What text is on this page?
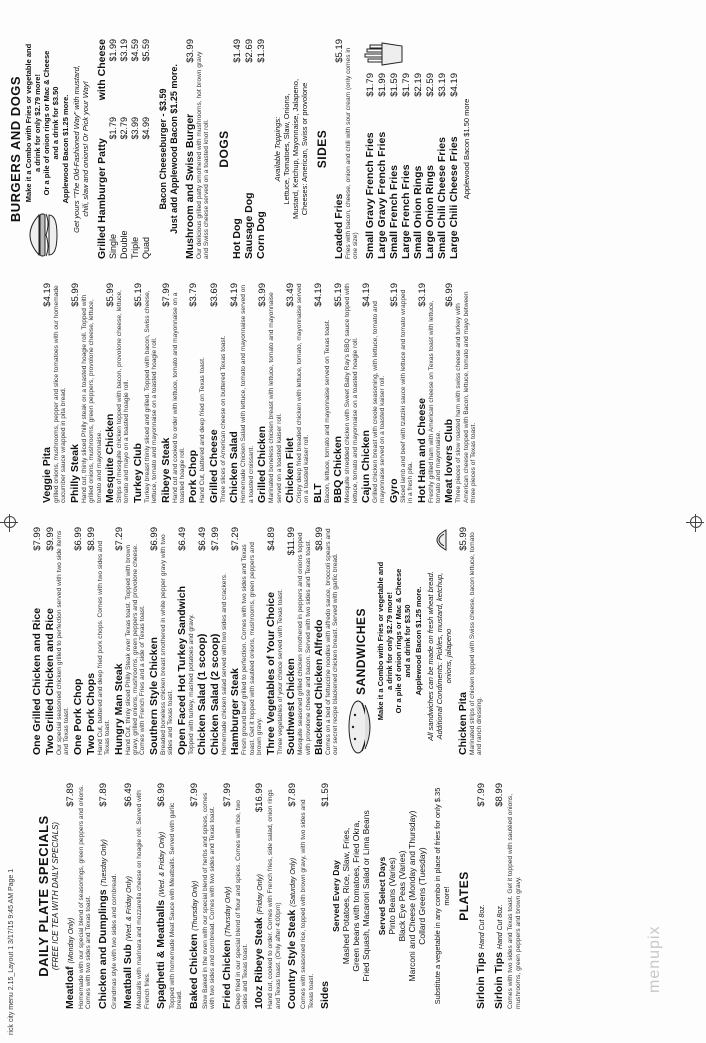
rick city menu 2.15_Layout 1 3/17/15 9:45 AM Page 1	menupix
DAILY PLATE SPECIALS (FREE ICE TEA WITH DAILY SPECIALS)
Meatloaf (Monday Only)
$7.89 Homemade with our special blend of seasonings, green peppers and onions. Comes with two sides and Texas toast. Chicken and Dumplings (Tuesday Only)
$7.89
Grandmas style with two sides and cornbread. Meatball Sub (Wed. & Friday Only)
$6.49 Meatballs with marinara and mozzarella cheese on hoagie roll. Served with French fries. Spaghetti & Meatballs (Wed. & Friday Only)
$6.99
Topped with homemade Meat Sauce with Meatballs. Served with garlic bread. Baked Chicken (Thursday Only)
$7.99 Slow Baked in the oven with our special blend of herbs and spices, comes with two sides and cornbread. Comes with two sides and Texas toast. Fried Chicken (Thursday Only)
$7.99
Deep fried in our special blend of flour and spices. Comes with rice, two sides and Texas toast. 10oz Ribeye Steak (Friday Only)
$16.99 Hand cut, cooked to order. Comes with French fries, side salad, onion rings and Texas toast. (Only after 4:00pm) Country Style Steak (Saturday Only)
$7.89
Comes with seasoned rice, topped with brown gravy, with two sides and Texas toast. Sides
$1.59
Served Every Day Mashed Potatoes, Rice, Slaw, Fries, Green beans with tomatoes, Fried Okra, Fried Squash, Macaroni Salad or Lima Beans Served Select Days Pinto Beans (Varies) Black Eye Peas (Varies) Marconi and Cheese (Monday and Thursday) Collard Greens (Tuesday) Substitute a vegetable in any combo in place of fries for only $.35 more! PLATES
Sirloin Tips Hand Cut 8oz.
$7.99
Sirloin Tips Hand Cut 8oz.
$8.99 Comes with two sides and Texas toast. Get it topped with sautéed onions, mushrooms, green peppers and brown gravy.
One Grilled Chicken and Rice
$7.99
Two Grilled Chicken and Rice
$9.99 Our special seasoned chicken grilled to perfection served with two side items and Texas toast. One Pork Chop
$6.99
Two Pork Chops
$8.99
Hand Cut, battered and deep fried pork chops. Comes with two sides and Texas toast. Hungry Man Steak
$7.29
Hand Cut, thinly sliced Philly Steak over Texas toast. Topped with brown gravy, grilled onions, mushrooms, green peppers and provolone cheese. Comes with French Fries and a side of Texas toast. Southern Style Chicken
$6.99 Breaded boneless chicken breast smothered in white pepper gravy with two sides and Texas toast. Open Faced Hot Turkey Sandwich
$6.49
Topped with turkey, mashed potatoes and gravy. Chicken Salad (1 scoop)
$6.49
Chicken Salad (2 scoop)
$7.99
Homemade chicken salad served with two sides and crackers. Hamburger Steak
$7.29
Fresh ground beef grilled to perfection. Comes with two sides and Texas toast. Get it topped with sautéed onions, mushrooms, green peppers and brown gravy. Three Vegetables of Your Choice
$4.89
Three vegetables of your choice served with Texas toast. Southwest Chicken
$11.99 Mesquite seasoned grilled chicken smothered in peppers and onions topped with provolone cheese and bacon. Served with two sides and Texas toast. Blackened Chicken Alfredo
$8.99 Comes on a bed of fettuccine noodles with alfredo sauce, broccoli spears and our secret recipe blackened chicken breast. Served with garlic bread. SANDWICHES Make it a Combo with Fries or vegetable and a drink for only $2.79 more! Or a pile of onion rings or Mac & Cheese and a drink for $3.50 Applewood Bacon $1.25 more. All sandwiches can be made on fresh wheat bread. Additional Condiments: Pickles, mustard, ketchup, onions, jalapeno
Chicken Pita
$5.99 Marinated strips of chicken topped with Swiss cheese, bacon lettuce, tomato and ranch dressing.
Veggie Pita
$4.19 grilled onions, mushrooms, pepper and slice tomatoes with our homemade cucumber sauce wrapped in pita bread. Philly Steak
$5.99 Hand cut, thinly sliced Philly steak on a toasted hoagie roll. Topped with grilled onions, mushrooms, green peppers, provolone cheese, lettuce, tomato and mayonnaise. Mesquite Chicken
$5.99 Strips of mesquite chicken topped with bacon, provolone cheese, lettuce, tomato and mayo on a toasted hoagie roll. Turkey Club
$5.19 Turkey breast thinly sliced and grilled. Topped with bacon, Swiss cheese, lettuce, tomato and mayonnaise on a toasted hoagie roll. Ribeye Steak
$7.99 Hand cut and cooked to order with lettuce, tomato and mayonnaise on a toasted hoagie roll. Pork Chop
$3.79
Hand Cut, battered and deep fried on Texas toast. Grilled Cheese
$3.69
Three slices of American cheese on buttered Texas toast. Chicken Salad
$4.19 Homemade Chicken Salad with lettuce, tomato and mayonnaise served on a toasted croissant. Grilled Chicken
$3.99 Marinated boneless chicken breast with lettuce, tomato and mayonnaise served on a toasted kaiser roll. Chicken Filet
$3.49 Crispy deep fried breaded chicken with lettuce, tomato, mayonnaise served on a toasted kaiser roll. BLT
$4.19
Bacon, lettuce, tomato and mayonnaise served on Texas toast. BBQ Chicken
$5.19 Mesquite shredded chicken with Sweet Baby Ray's BBQ sauce topped with lettuce, tomato and mayonnaise on a toasted hoagie roll. Cajun Chicken
$4.19
Grilled chicken breast with creole seasoning, with lettuce, tomato and mayonnaise served on a toasted kaiser roll. Gyro
$5.19 Sliced lamb and beef with tzatziki sauce with lettuce and tomato wrapped in a fresh pita. Hot Ham and Cheese
$3.19
Freshly grilled ham with American cheese on Texas toast with lettuce, tomato and mayonnaise. Meat lovers Club
$6.99
Three pieces of slow roasted ham with swiss cheese and turkey with American cheese topped with Bacon, lettuce, tomato and mayo between three pieces of Texas toast.
BURGERS AND DOGS Make it a Combo with Fries or vegetable and a drink for only $2.79 more! Or a pile of onion rings or Mac & Cheese and a drink for $3.50 Applewood Bacon $1.25 more. Get yours "The Old-Fashioned Way" with mustard, chili, slaw and onions! Or Pick your Way! Grilled Hamburger Patty
with Cheese
Single
$1.79
$1.99
Double
$2.79
$3.19
Triple
$3.99
$4.59
Quad
$4.99
$5.59
Bacon Cheeseburger - $3.59 Just add Applewood Bacon $1.25 more. Mushroom and Swiss Burger
$3.99
Our delicious grilled patty smothered with mushrooms, hot brown gravy and Swiss cheese served on a toasted knot roll. DOGS
Hot Dog
$1.49
Sausage Dog
$2.69
Corn Dog
$1.39
Available Toppings: Lettuce, Tomatoes, Slaw, Onions, Mustard, Ketchup, Mayonnaise, Jalapeno, Cheeses: American, Swiss or provolone SIDES
Loaded Fries
$5.19 Fries with bacon, cheese, onion and chili with sour cream (only comes in one size) Small Gravy French Fries
$1.79
Large Gravy French Fries
$1.99
Small French Fries
$1.59
Large French Fries
$1.79
Small Onion Rings
$2.19
Large Onion Rings
$2.59
Small Chili Cheese Fries
$3.19
Large Chili Cheese Fries
$4.19
Applewood Bacon $1.50 more
